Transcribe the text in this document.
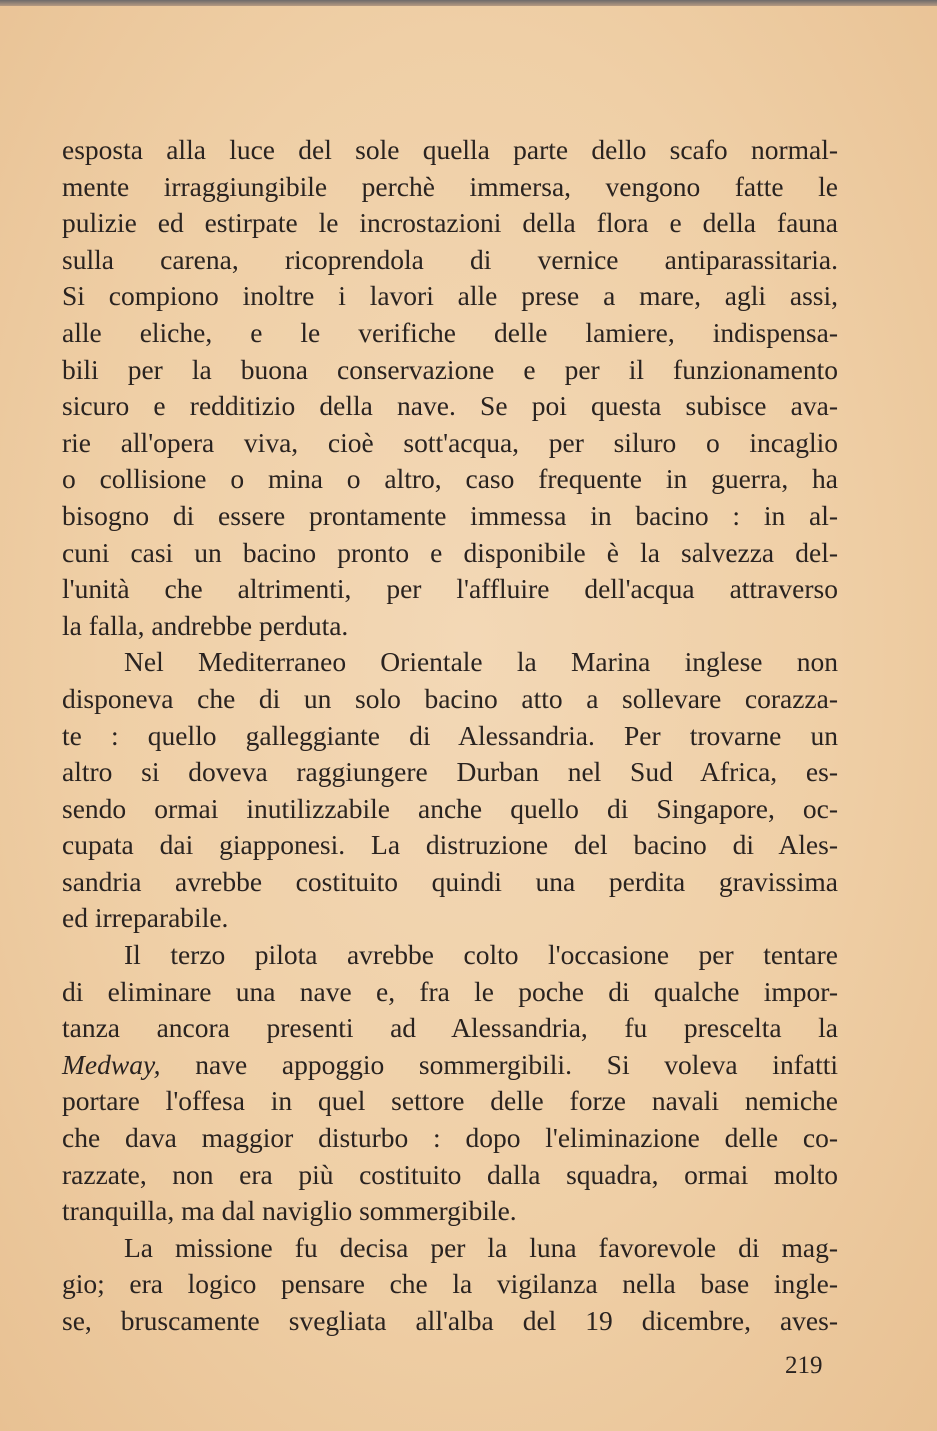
esposta alla luce del sole quella parte dello scafo normal-
mente irraggiungibile perchè immersa, vengono fatte le
pulizie ed estirpate le incrostazioni della flora e della fauna
sulla carena, ricoprendola di vernice antiparassitaria.
Si compiono inoltre i lavori alle prese a mare, agli assi,
alle eliche, e le verifiche delle lamiere, indispensa-
bili per la buona conservazione e per il funzionamento
sicuro e redditizio della nave. Se poi questa subisce ava-
rie all'opera viva, cioè sott'acqua, per siluro o incaglio
o collisione o mina o altro, caso frequente in guerra, ha
bisogno di essere prontamente immessa in bacino : in al-
cuni casi un bacino pronto e disponibile è la salvezza del-
l'unità che altrimenti, per l'affluire dell'acqua attraverso
la falla, andrebbe perduta.
Nel Mediterraneo Orientale la Marina inglese non
disponeva che di un solo bacino atto a sollevare corazza-
te : quello galleggiante di Alessandria. Per trovarne un
altro si doveva raggiungere Durban nel Sud Africa, es-
sendo ormai inutilizzabile anche quello di Singapore, oc-
cupata dai giapponesi. La distruzione del bacino di Ales-
sandria avrebbe costituito quindi una perdita gravissima
ed irreparabile.
Il terzo pilota avrebbe colto l'occasione per tentare
di eliminare una nave e, fra le poche di qualche impor-
tanza ancora presenti ad Alessandria, fu prescelta la
Medway, nave appoggio sommergibili. Si voleva infatti
portare l'offesa in quel settore delle forze navali nemiche
che dava maggior disturbo : dopo l'eliminazione delle co-
razzate, non era più costituito dalla squadra, ormai molto
tranquilla, ma dal naviglio sommergibile.
La missione fu decisa per la luna favorevole di mag-
gio; era logico pensare che la vigilanza nella base ingle-
se, bruscamente svegliata all'alba del 19 dicembre, aves-
219
